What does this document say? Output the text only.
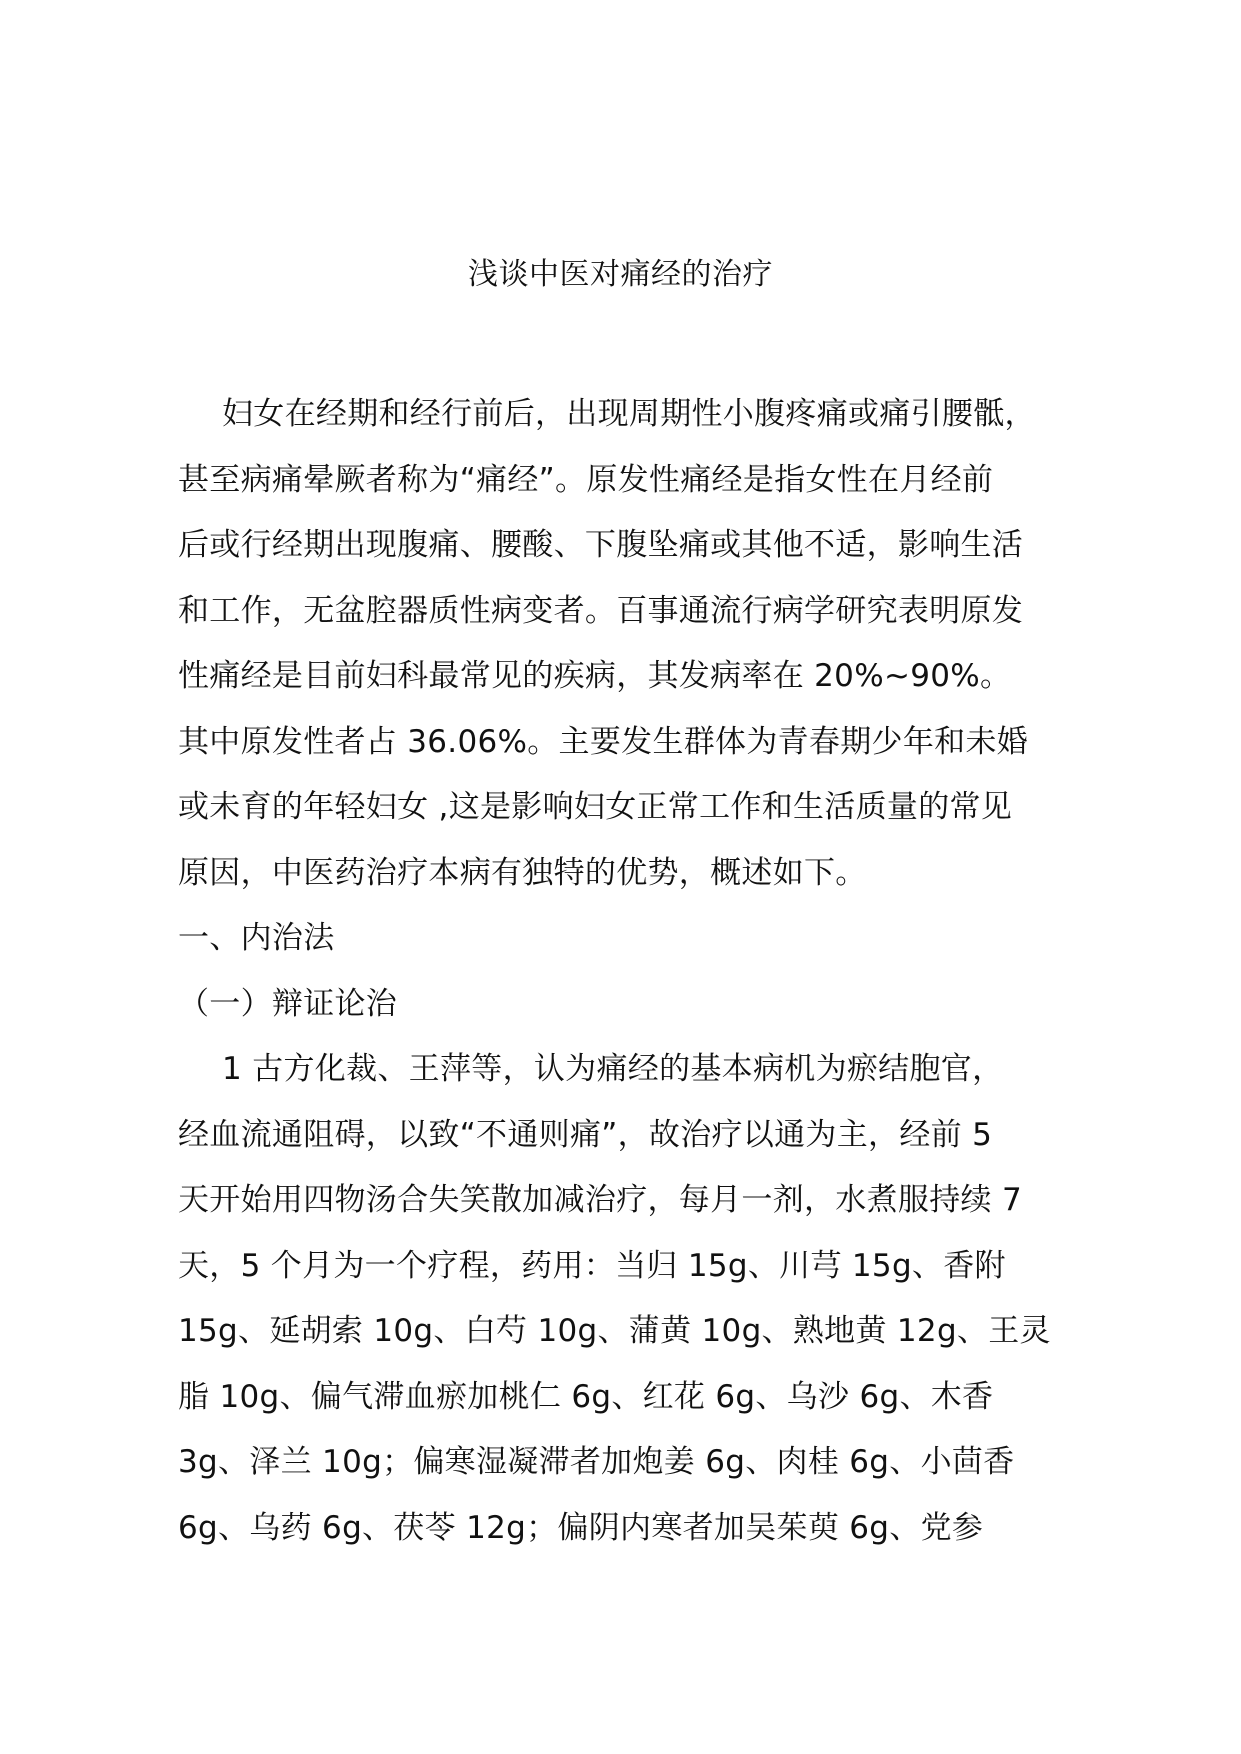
浅谈中医对痛经的治疗
妇女在经期和经行前后，出现周期性小腹疼痛或痛引腰骶，
甚至病痛晕厥者称为“痛经”。原发性痛经是指女性在月经前
后或行经期出现腹痛、腰酸、下腹坠痛或其他不适，影响生活
和工作，无盆腔器质性病变者。百事通流行病学研究表明原发
性痛经是目前妇科最常见的疾病，其发病率在 20%~90%。
其中原发性者占 36.06%。主要发生群体为青春期少年和未婚
或未育的年轻妇女 ,这是影响妇女正常工作和生活质量的常见
原因，中医药治疗本病有独特的优势，概述如下。
一、内治法
（一）辩证论治
1 古方化裁、王萍等，认为痛经的基本病机为瘀结胞官，
经血流通阻碍，以致“不通则痛”，故治疗以通为主，经前 5
天开始用四物汤合失笑散加减治疗，每月一剂，水煮服持续 7
天，5 个月为一个疗程，药用：当归 15g、川芎 15g、香附
15g、延胡索 10g、白芍 10g、蒲黄 10g、熟地黄 12g、王灵
脂 10g、偏气滞血瘀加桃仁 6g、红花 6g、乌沙 6g、木香
3g、泽兰 10g；偏寒湿凝滞者加炮姜 6g、肉桂 6g、小茴香
6g、乌药 6g、茯苓 12g；偏阴内寒者加吴茱萸 6g、党参
